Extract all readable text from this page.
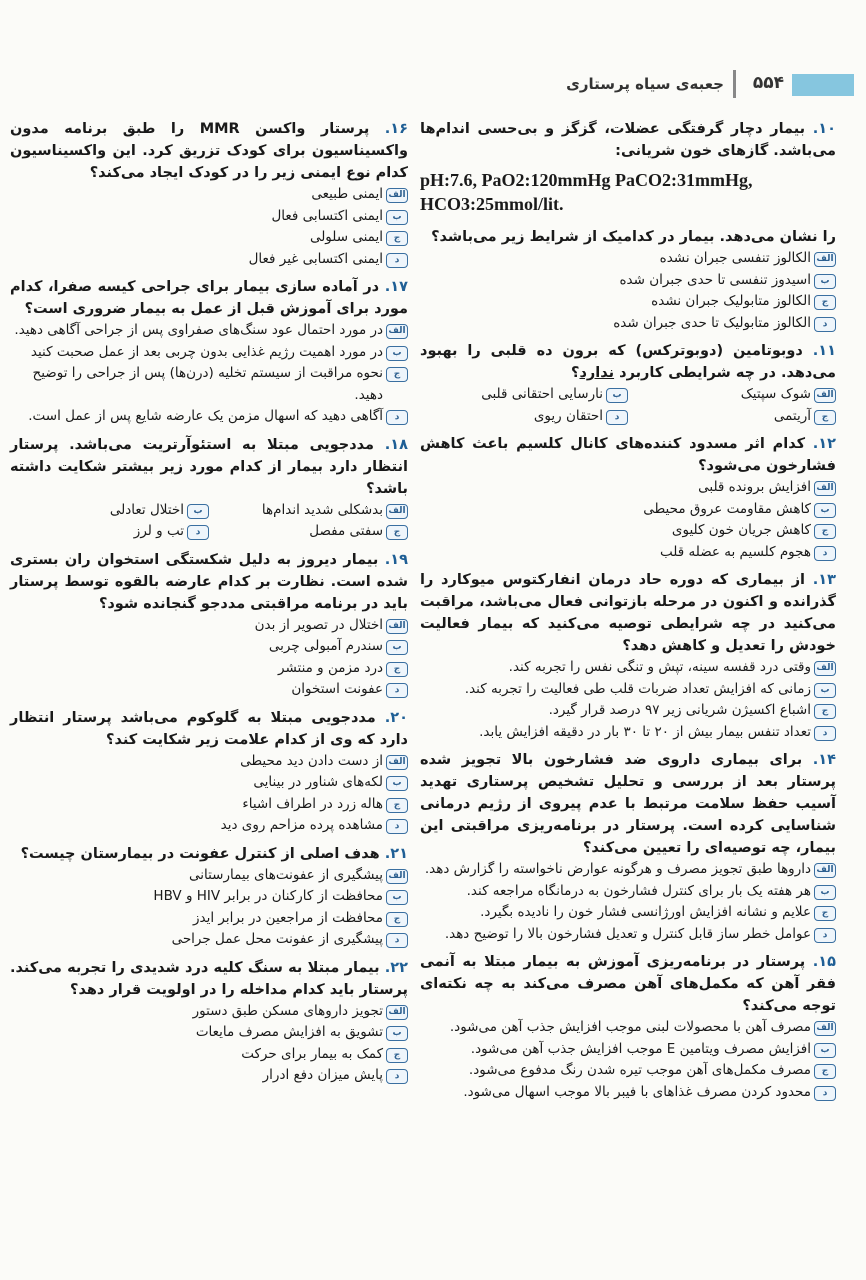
۵۵۴
جعبه‌ی سیاه پرستاری
۱۰. بیمار دچار گرفتگی عضلات، گزگز و بی‌حسی اندام‌ها می‌باشد. گازهای خون شریانی:
pH:7.6, PaO2:120mmHg PaCO2:31mmHg,
HCO3:25mmol/lit.
را نشان می‌دهد. بیمار در کدامیک از شرایط زیر می‌باشد؟
الف
الکالوز تنفسی جبران نشده
ب
اسیدوز تنفسی تا حدی جبران شده
ج
الکالوز متابولیک جبران نشده
د
الکالوز متابولیک تا حدی جبران شده
۱۱. دوبوتامین (دوبوترکس) که برون ده قلبی را بهبود می‌دهد. در چه شرایطی کاربرد ندارد؟
الف
شوک سپتیک
ب
نارسایی احتقانی قلبی
ج
آریتمی
د
احتقان ریوی
۱۲. کدام اثر مسدود کننده‌های کانال کلسیم باعث کاهش فشارخون می‌شود؟
الف
افزایش برونده قلبی
ب
کاهش مقاومت عروق محیطی
ج
کاهش جریان خون کلیوی
د
هجوم کلسیم به عضله قلب
۱۳. از بیماری که دوره حاد درمان انفارکتوس میوکارد را گذرانده و اکنون در مرحله بازتوانی فعال می‌باشد، مراقبت می‌کنید در چه شرایطی توصیه می‌کنید که بیمار فعالیت خودش را تعدیل و کاهش دهد؟
الف
وقتی درد قفسه سینه، تپش و تنگی نفس را تجربه کند.
ب
زمانی که افزایش تعداد ضربات قلب طی فعالیت را تجربه کند.
ج
اشباع اکسیژن شریانی زیر ۹۷ درصد قرار گیرد.
د
تعداد تنفس بیمار بیش از ۲۰ تا ۳۰ بار در دقیقه افزایش یابد.
۱۴. برای بیماری داروی ضد فشارخون بالا تجویز شده پرستار بعد از بررسی و تحلیل تشخیص پرستاری تهدید آسیب حفظ سلامت مرتبط با عدم پیروی از رژیم درمانی شناسایی کرده است. پرستار در برنامه‌ریزی مراقبتی این بیمار، چه توصیه‌ای را تعیین می‌کند؟
الف
داروها طبق تجویز مصرف و هرگونه عوارض ناخواسته را گزارش دهد.
ب
هر هفته یک بار برای کنترل فشارخون به درمانگاه مراجعه کند.
ج
علایم و نشانه افزایش اورژانسی فشار خون را نادیده بگیرد.
د
عوامل خطر ساز قابل کنترل و تعدیل فشارخون بالا را توضیح دهد.
۱۵. پرستار در برنامه‌ریزی آموزش به بیمار مبتلا به آنمی فقر آهن که مکمل‌های آهن مصرف می‌کند به چه نکته‌ای توجه می‌کند؟
الف
مصرف آهن با محصولات لبنی موجب افزایش جذب آهن می‌شود.
ب
افزایش مصرف ویتامین E موجب افزایش جذب آهن می‌شود.
ج
مصرف مکمل‌های آهن موجب تیره شدن رنگ مدفوع می‌شود.
د
محدود کردن مصرف غذاهای با فیبر بالا موجب اسهال می‌شود.
۱۶. پرستار واکسن MMR را طبق برنامه مدون واکسیناسیون برای کودک تزریق کرد. این واکسیناسیون کدام نوع ایمنی زیر را در کودک ایجاد می‌کند؟
الف
ایمنی طبیعی
ب
ایمنی اکتسابی فعال
ج
ایمنی سلولی
د
ایمنی اکتسابی غیر فعال
۱۷. در آماده سازی بیمار برای جراحی کیسه صفرا، کدام مورد برای آموزش قبل از عمل به بیمار ضروری است؟
الف
در مورد احتمال عود سنگ‌های صفراوی پس از جراحی آگاهی دهید.
ب
در مورد اهمیت رژیم غذایی بدون چربی بعد از عمل صحبت کنید
ج
نحوه مراقبت از سیستم تخلیه (درن‌ها) پس از جراحی را توضیح دهید.
د
آگاهی دهید که اسهال مزمن یک عارضه شایع پس از عمل است.
۱۸. مددجویی مبتلا به استئوآرتریت می‌باشد. پرستار انتظار دارد بیمار از کدام مورد زیر بیشتر شکایت داشته باشد؟
الف
بدشکلی شدید اندام‌ها
ب
اختلال تعادلی
ج
سفتی مفصل
د
تب و لرز
۱۹. بیمار دیروز به دلیل شکستگی استخوان ران بستری شده است. نظارت بر کدام عارضه بالقوه توسط پرستار باید در برنامه مراقبتی مددجو گنجانده شود؟
الف
اختلال در تصویر از بدن
ب
سندرم آمبولی چربی
ج
درد مزمن و منتشر
د
عفونت استخوان
۲۰. مددجویی مبتلا به گلوکوم می‌باشد پرستار انتظار دارد که وی از کدام علامت زیر شکایت کند؟
الف
از دست دادن دید محیطی
ب
لکه‌های شناور در بینایی
ج
هاله زرد در اطراف اشیاء
د
مشاهده پرده مزاحم روی دید
۲۱. هدف اصلی از کنترل عفونت در بیمارستان چیست؟
الف
پیشگیری از عفونت‌های بیمارستانی
ب
محافظت از کارکنان در برابر HIV و HBV
ج
محافظت از مراجعین در برابر ایدز
د
پیشگیری از عفونت محل عمل جراحی
۲۲. بیمار مبتلا به سنگ کلیه درد شدیدی را تجربه می‌کند. پرستار باید کدام مداخله را در اولویت قرار دهد؟
الف
تجویز داروهای مسکن طبق دستور
ب
تشویق به افزایش مصرف مایعات
ج
کمک به بیمار برای حرکت
د
پایش میزان دفع ادرار
